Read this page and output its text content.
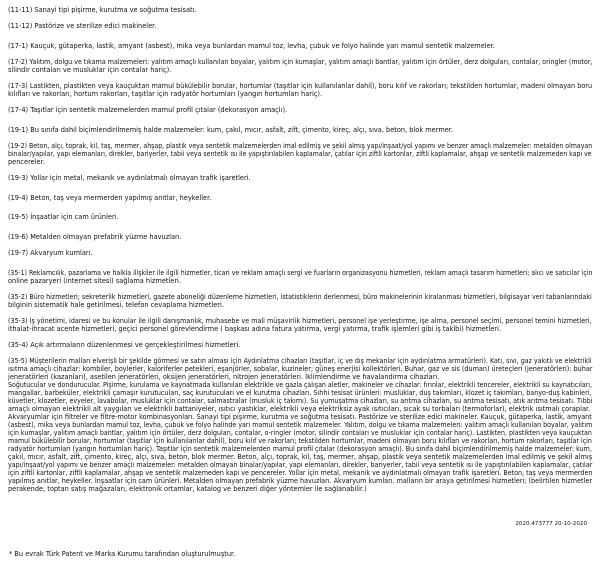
(11-11) Sanayi tipi pişirme, kurutma ve soğutma tesisatı.
(11-12) Pastörize ve sterilize edici makineler.
(17-1) Kauçuk, gütaperka, lastik, amyant (asbest), mika veya bunlardan mamul toz, levha, çubuk ve folyo halinde yarı mamul sentetik malzemeler.
(17-2) Yalıtım, dolgu ve tıkama malzemeleri: yalıtım amaçlı kullanılan boyalar, yalıtım için kumaşlar, yalıtım amaçlı bantlar, yalıtım için örtüler, derz dolguları, contalar, oringler (motor,
silindir contaları ve musluklar için contalar hariç).
(17-3) Lastikten, plastikten veya kauçuktan mamul bükülebilir borular, hortumlar (taşıtlar için kullanılanlar dahil), boru kılıf ve rakorları; tekstilden hortumlar, madeni olmayan boru
kılıfları ve rakorları, hortum rakorları, taşıtlar için radyatör hortumları (yangın hortumları hariç).
(17-4) Taşıtlar için sentetik malzemelerden mamul profil çıtalar (dekorasyon amaçlı).
(19-1) Bu sınıfa dahil biçimlendirilmemiş halde malzemeler: kum, çakıl, mıcır, asfalt, zift, çimento, kireç, alçı, sıva, beton, blok mermer.
(19-2) Beton, alçı, toprak, kil, taş, mermer, ahşap, plastik veya sentetik malzemelerden imal edilmiş ve şekil almış yapı/inşaat/yol yapımı ve benzer amaçlı malzemeler: metalden olmayan
binalar/yapılar, yapı elemanları, direkler, bariyerler, tabii veya sentetik ısı ile yapıştırılabilen kaplamalar, çatılar için ziftli kartonlar, ziftli kaplamalar, ahşap ve sentetik malzemeden kapı ve
pencereler.
(19-3) Yollar için metal, mekanik ve aydınlatmalı olmayan trafik işaretleri.
(19-4) Beton, taş veya mermerden yapılmış anıtlar, heykeller.
(19-5) İnşaatlar için cam ürünleri.
(19-6) Metalden olmayan prefabrik yüzme havuzları.
(19-7) Akvaryum kumları.
(35-1) Reklamcılık, pazarlama ve halkla ilişkiler ile ilgili hizmetler, ticari ve reklam amaçlı sergi ve fuarların organizasyonu hizmetleri, reklam amaçlı tasarım hizmetleri; alıcı ve satıcılar için
online pazaryeri (internet sitesi) sağlama hizmetleri.
(35-2) Büro hizmetleri; sekreterlik hizmetleri, gazete aboneliği düzenleme hizmetleri, istatistiklerin derlenmesi, büro makinelerinin kiralanması hizmetleri, bilgisayar veri tabanlarındaki
bilginin sistematik hale getirilmesi, telefon cevaplama hizmetleri.
(35-3) İş yönetimi, idaresi ve bu konular ile ilgili danışmanlık, muhasebe ve mali müşavirlik hizmetleri, personel işe yerleştirme, işe alma, personel seçimi, personel temini hizmetleri,
ithalat-ihracat acente hizmetleri, geçici personel görevlendirme ( başkası adına fatura yatırma, vergi yatırma, trafik işlemleri gibi iş takibi) hizmetleri.
(35-4) Açık artırmaların düzenlenmesi ve gerçekleştirilmesi hizmetleri.
(35-5) Müşterilerin malları elverişli bir şekilde görmesi ve satın alması için Aydınlatma cihazları (taşıtlar, iç ve dış mekanlar için aydınlatma armatürleri). Katı, sıvı, gaz yakıtlı ve elektrikli
ısıtma amaçlı cihazlar: kombiler, boylerler, kaloriferler petekleri, eşanjörler, sobalar, kuzineler; güneş enerjisi kollektörleri. Buhar, gaz ve sis (duman) üreteçleri (jeneratörleri): buhar
jeneratörleri (kazanları), asetilen jeneratörleri, oksijen jeneratörleri, nitrojen jeneratörleri. İklimlendirme ve havalandırma cihazları.
Soğutucular ve dondurucular. Pişirme, kurulama ve kaynatmada kullanılan elektrikle ve gazla çalışan aletler, makineler ve cihazlar: fırınlar, elektrikli tencereler, elektrikli su kaynatıcıları,
mangallar, barbeküler, elektrikli çamaşır kurutucuları, saç kurutucuları ve el kurutma cihazları. Sıhhi tesisat ürünleri: musluklar, duş takımları, klozet iç takımları, banyo-duş kabinleri,
küvetler, klozetler, evyeler, lavabolar, musluklar için contalar, salmastralar (musluk iç takımı). Su yumuşatma cihazları, su arıtma cihazları, su arıtma tesisatı, atık arıtma tesisatı. Tıbbi
amaçlı olmayan elektrikli alt yaygıları ve elektrikli battaniyeler, ısıtıcı yastıklar, elektrikli veya elektriksiz ayak ısıtıcıları, sıcak su torbaları (termoforlar), elektrik ısıtmalı çoraplar.
Akvaryumlar için filtreler ve filtre-motor kombinasyonları. Sanayi tipi pişirme, kurutma ve soğutma tesisatı. Pastörize ve sterilize edici makineler. Kauçuk, gütaperka, lastik, amyant
(asbest), mika veya bunlardan mamul toz, levha, çubuk ve folyo halinde yarı mamul sentetik malzemeler. Yalıtım, dolgu ve tıkama malzemeleri: yalıtım amaçlı kullanılan boyalar, yalıtım
için kumaşlar, yalıtım amaçlı bantlar, yalıtım için örtüler, derz dolguları, contalar, o-ringler (motor, silindir contaları ve musluklar için contalar hariç). Lastikten, plastikten veya kauçuktan
mamul bükülebilir borular, hortumlar (taşıtlar için kullanılanlar dahil), boru kılıf ve rakorları; tekstilden hortumlar, madeni olmayan boru kılıfları ve rakorları, hortum rakorları, taşıtlar için
radyatör hortumları (yangın hortumları hariç). Taşıtlar için sentetik malzemelerden mamul profil çıtalar (dekorasyon amaçlı). Bu sınıfa dahil biçimlendirilmemiş halde malzemeler: kum,
çakıl, mıcır, asfalt, zift, çimento, kireç, alçı, sıva, beton, blok mermer. Beton, alçı, toprak, kil, taş, mermer, ahşap, plastik veya sentetik malzemelerden imal edilmiş ve şekil almış
yapı/inşaat/yol yapımı ve benzer amaçlı malzemeler: metalden olmayan binalar/yapılar, yapı elemanları, direkler, bariyerler, tabii veya sentetik ısı ile yapıştırılabilen kaplamalar, çatılar
için ziftli kartonlar, ziftli kaplamalar, ahşap ve sentetik malzemeden kapı ve pencereler. Yollar için metal, mekanik ve aydınlatmalı olmayan trafik işaretleri. Beton, taş veya mermerden
yapılmış anıtlar, heykeller. İnşaatlar için cam ürünleri. Metalden olmayan prefabrik yüzme havuzları. Akvaryum kumları. malların bir araya getirilmesi hizmetleri; (belirtilen hizmetler
perakende, toptan satış mağazaları, elektronik ortamlar, katalog ve benzeri diğer yöntemler ile sağlanabilir.)
2020.473777 20-10-2020
* Bu evrak Türk Patent ve Marka Kurumu tarafından oluşturulmuştur.
